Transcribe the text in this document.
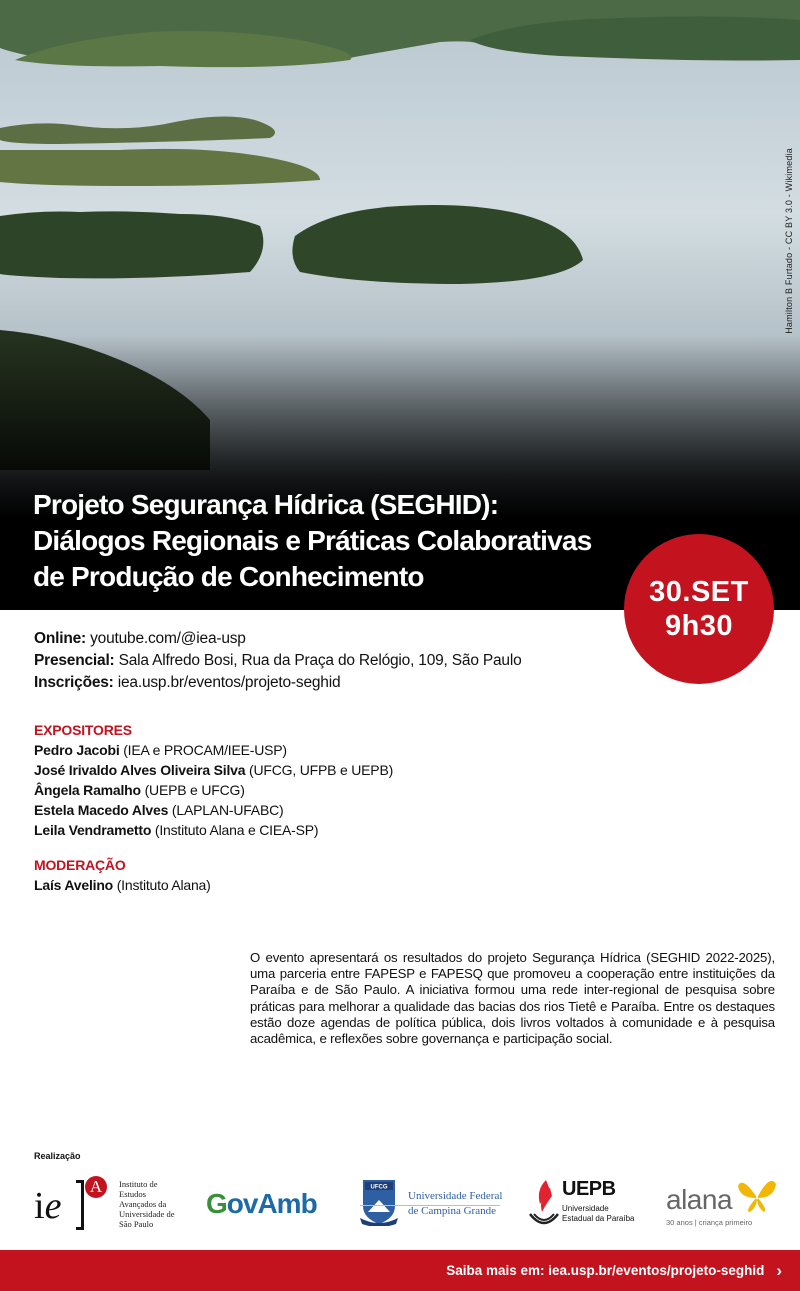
Hamilton B Furtado - CC BY 3.0 - Wikimedia
Projeto Segurança Hídrica (SEGHID):
Diálogos Regionais e Práticas Colaborativas
de Produção de Conhecimento	30.SET
9h30
Online: youtube.com/@iea-usp
Presencial: Sala Alfredo Bosi, Rua da Praça do Relógio, 109, São Paulo
Inscrições: iea.usp.br/eventos/projeto-seghid
EXPOSITORES
Pedro Jacobi (IEA e PROCAM/IEE-USP)
José Irivaldo Alves Oliveira Silva (UFCG, UFPB e UEPB)
Ângela Ramalho (UEPB e UFCG)
Estela Macedo Alves (LAPLAN-UFABC)
Leila Vendrametto (Instituto Alana e CIEA-SP)
MODERAÇÃO
Laís Avelino (Instituto Alana)

O evento apresentará os resultados do projeto Segurança Hídrica (SEGHID 2022-2025), uma parceria entre FAPESP e FAPESQ que promoveu a cooperação entre instituições da Paraíba e de São Paulo. A iniciativa formou uma rede inter-regional de pesquisa sobre práticas para melhorar a qualidade das bacias dos rios Tietê e Paraíba. Entre os destaques estão doze agendas de política pública, dois livros voltados à comunidade e à pesquisa acadêmica, e reflexões sobre governança e participação social.

Realização
ie A	Instituto de
Estudos
Avançados da
Universidade de
São Paulo
GovAmb
UFCG
Universidade Federal
de Campina Grande
UEPB
Universidade
Estadual da Paraíba
alana
30 anos | criança primeiro
Saiba mais em: iea.usp.br/eventos/projeto-seghid ›
